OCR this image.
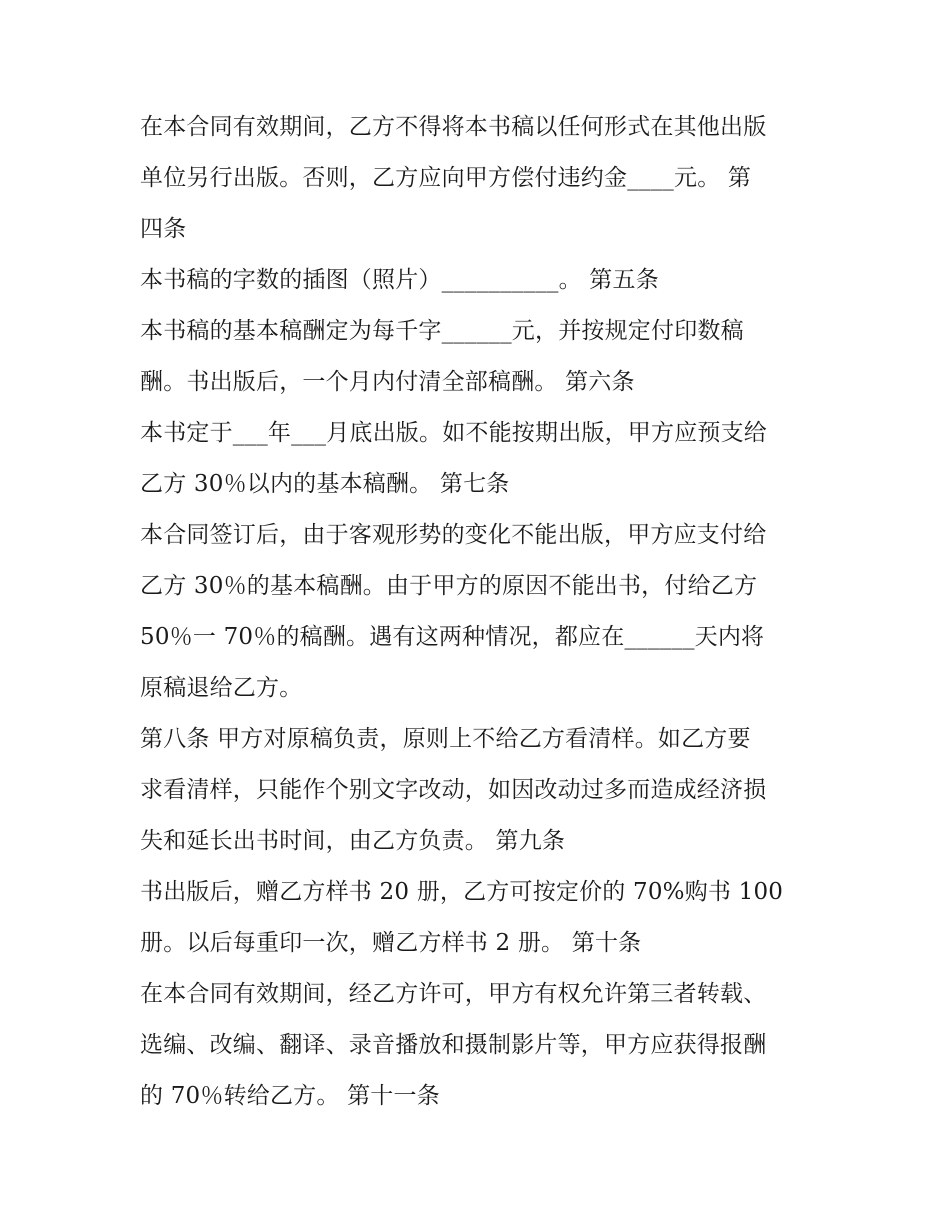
在本合同有效期间，乙方不得将本书稿以任何形式在其他出版
单位另行出版。否则，乙方应向甲方偿付违约金____元。 第
四条
本书稿的字数的插图（照片）__________。 第五条
本书稿的基本稿酬定为每千字______元，并按规定付印数稿
酬。书出版后，一个月内付清全部稿酬。 第六条
本书定于___年___月底出版。如不能按期出版，甲方应预支给
乙方 30％以内的基本稿酬。 第七条
本合同签订后，由于客观形势的变化不能出版，甲方应支付给
乙方 30％的基本稿酬。由于甲方的原因不能出书，付给乙方
50％一 70％的稿酬。遇有这两种情况，都应在______天内将
原稿退给乙方。
第八条 甲方对原稿负责，原则上不给乙方看清样。如乙方要
求看清样，只能作个别文字改动，如因改动过多而造成经济损
失和延长出书时间，由乙方负责。 第九条
书出版后，赠乙方样书 20 册，乙方可按定价的 70%购书 100
册。以后每重印一次，赠乙方样书 2 册。 第十条
在本合同有效期间，经乙方许可，甲方有权允许第三者转载、
选编、改编、翻译、录音播放和摄制影片等，甲方应获得报酬
的 70％转给乙方。 第十一条
